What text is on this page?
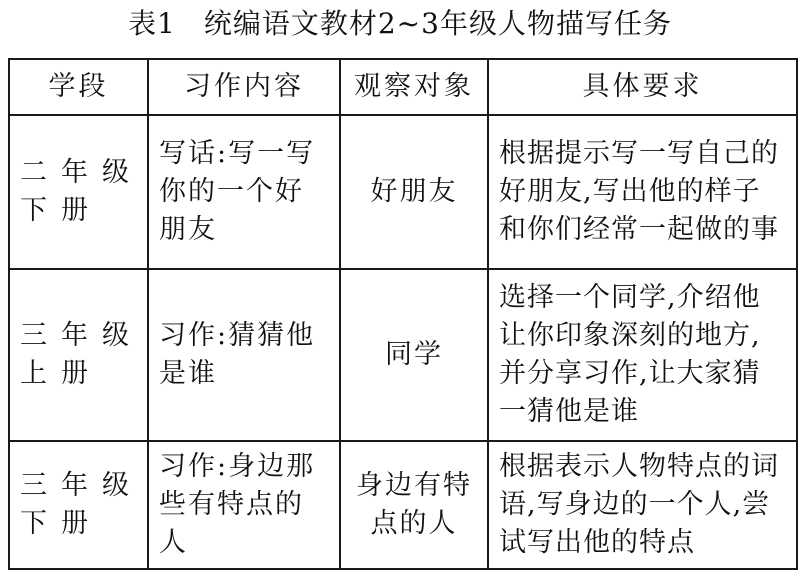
表1 统编语文教材2~3年级人物描写任务
学段	习作内容	观察对象	具体要求

二年级
下册	写话:写一写你的一个好朋友	好朋友	根据提示写一写自己的好朋友,写出他的样子和你们经常一起做的事

三年级
上册	习作:猜猜他是谁	同学	选择一个同学,介绍他让你印象深刻的地方,并分享习作,让大家猜一猜他是谁

三年级
下册	习作:身边那些有特点的人	身边有特点的人	根据表示人物特点的词语,写身边的一个人,尝试写出他的特点
